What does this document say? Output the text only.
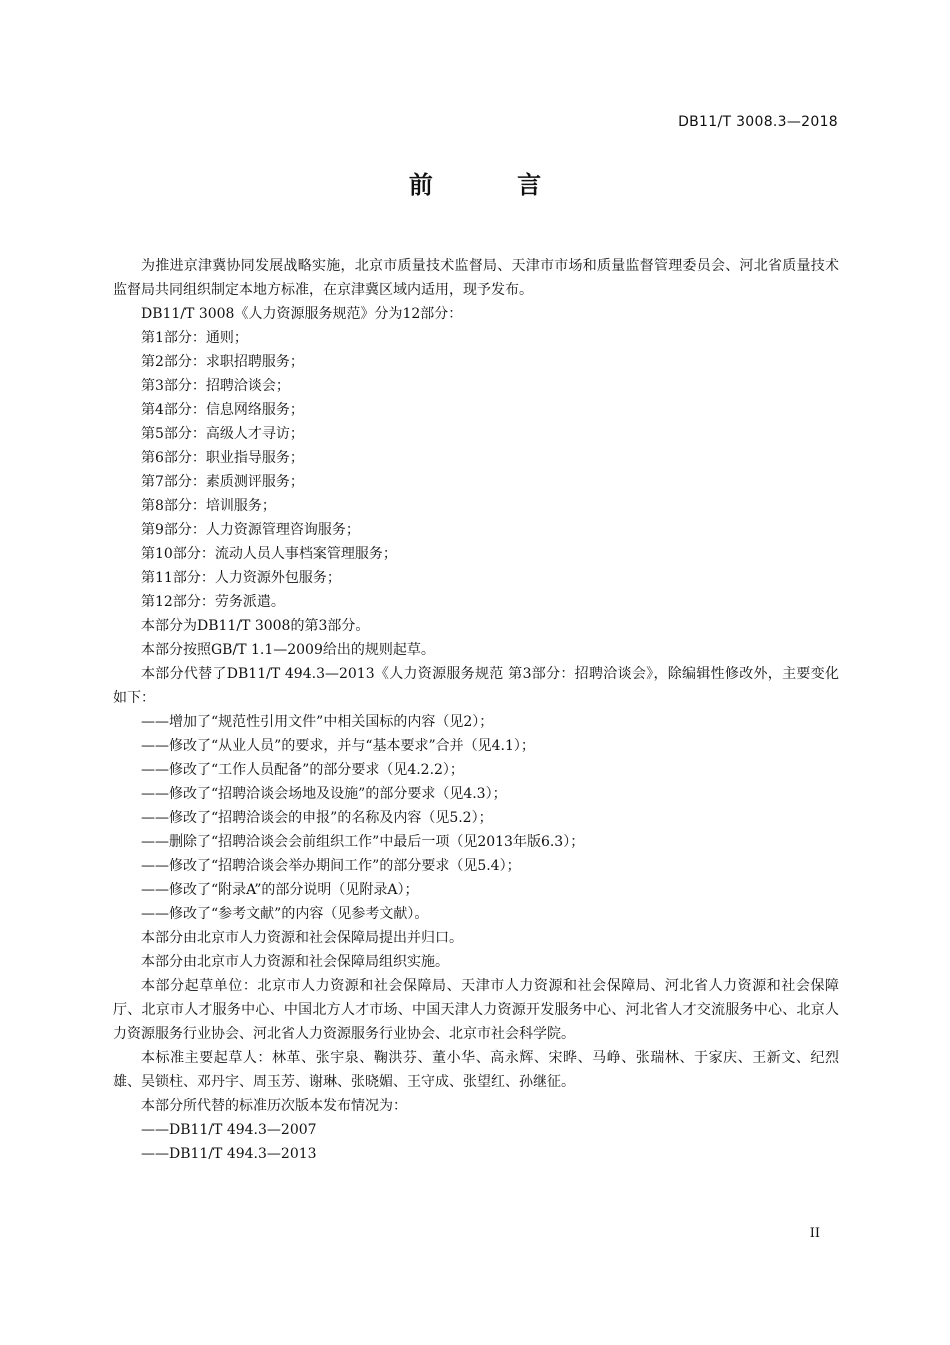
DB11/T 3008.3—2018
前 言

为推进京津冀协同发展战略实施，北京市质量技术监督局、天津市市场和质量监督管理委员会、河北省质量技术监督局共同组织制定本地方标准，在京津冀区域内适用，现予发布。

DB11/T 3008《人力资源服务规范》分为12部分：

第1部分：通则；

第2部分：求职招聘服务；

第3部分：招聘洽谈会；

第4部分：信息网络服务；

第5部分：高级人才寻访；

第6部分：职业指导服务；

第7部分：素质测评服务；

第8部分：培训服务；

第9部分：人力资源管理咨询服务；

第10部分：流动人员人事档案管理服务；

第11部分：人力资源外包服务；

第12部分：劳务派遣。

本部分为DB11/T 3008的第3部分。

本部分按照GB/T 1.1—2009给出的规则起草。

本部分代替了DB11/T 494.3—2013《人力资源服务规范 第3部分：招聘洽谈会》，除编辑性修改外，主要变化如下：

——增加了“规范性引用文件”中相关国标的内容（见2）；

——修改了“从业人员”的要求，并与“基本要求”合并（见4.1）；

——修改了“工作人员配备”的部分要求（见4.2.2）；

——修改了“招聘洽谈会场地及设施”的部分要求（见4.3）；

——修改了“招聘洽谈会的申报”的名称及内容（见5.2）；

——删除了“招聘洽谈会会前组织工作”中最后一项（见2013年版6.3）；

——修改了“招聘洽谈会举办期间工作”的部分要求（见5.4）；

——修改了“附录A”的部分说明（见附录A）；

——修改了“参考文献”的内容（见参考文献）。

本部分由北京市人力资源和社会保障局提出并归口。

本部分由北京市人力资源和社会保障局组织实施。

本部分起草单位：北京市人力资源和社会保障局、天津市人力资源和社会保障局、河北省人力资源和社会保障厅、北京市人才服务中心、中国北方人才市场、中国天津人力资源开发服务中心、河北省人才交流服务中心、北京人力资源服务行业协会、河北省人力资源服务行业协会、北京市社会科学院。

本标准主要起草人：林革、张宇泉、鞠洪芬、董小华、高永辉、宋晔、马峥、张瑞林、于家庆、王新文、纪烈雄、吴锁柱、邓丹宇、周玉芳、谢琳、张晓媚、王守成、张望红、孙继征。

本部分所代替的标准历次版本发布情况为：

——DB11/T 494.3—2007

——DB11/T 494.3—2013

II
